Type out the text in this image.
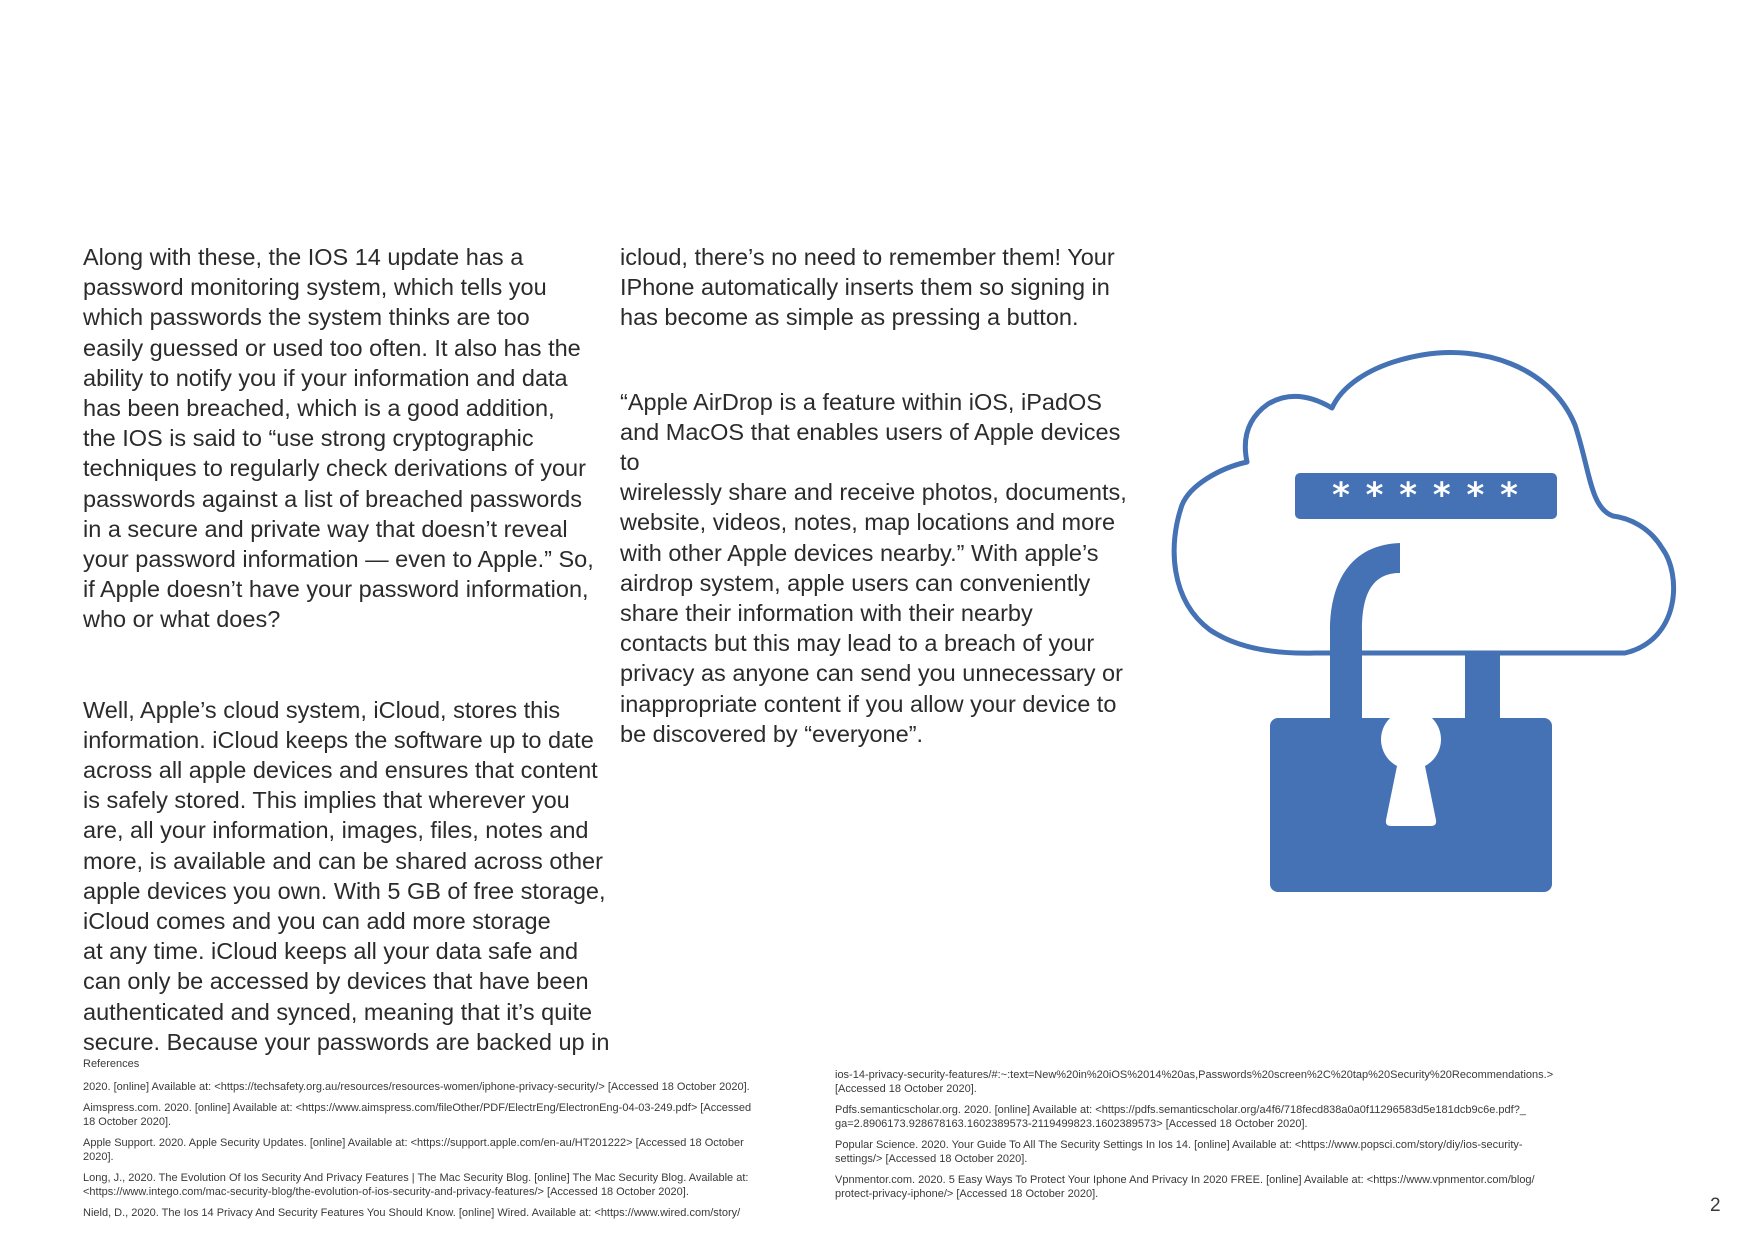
Along with these, the IOS 14 update has a
password monitoring system, which tells you
which passwords the system thinks are too
easily guessed or used too often. It also has the
ability to notify you if your information and data
has been breached, which is a good addition,
the IOS is said to “use strong cryptographic
techniques to regularly check derivations of your
passwords against a list of breached passwords
in a secure and private way that doesn’t reveal
your password information — even to Apple.” So,
if Apple doesn’t have your password information,
who or what does?

Well, Apple’s cloud system, iCloud, stores this
information. iCloud keeps the software up to date
across all apple devices and ensures that content
is safely stored. This implies that wherever you
are, all your information, images, files, notes and
more, is available and can be shared across other
apple devices you own. With 5 GB of free storage,
iCloud comes and you can add more storage
at any time. iCloud keeps all your data safe and
can only be accessed by devices that have been
authenticated and synced, meaning that it’s quite
secure. Because your passwords are backed up in

icloud, there’s no need to remember them! Your
IPhone automatically inserts them so signing in
has become as simple as pressing a button.

“Apple AirDrop is a feature within iOS, iPadOS
and MacOS that enables users of Apple devices to
wirelessly share and receive photos, documents,
website, videos, notes, map locations and more
with other Apple devices nearby.” With apple’s
airdrop system, apple users can conveniently
share their information with their nearby
contacts but this may lead to a breach of your
privacy as anyone can send you unnecessary or
inappropriate content if you allow your device to
be discovered by “everyone”.

* * * * * *
References
2020. [online] Available at: <https://techsafety.org.au/resources/resources-women/iphone-privacy-security/> [Accessed 18 October 2020].
Aimspress.com. 2020. [online] Available at: <https://www.aimspress.com/fileOther/PDF/ElectrEng/ElectronEng-04-03-249.pdf> [Accessed
18 October 2020].
Apple Support. 2020. Apple Security Updates. [online] Available at: <https://support.apple.com/en-au/HT201222> [Accessed 18 October
2020].
Long, J., 2020. The Evolution Of Ios Security And Privacy Features | The Mac Security Blog. [online] The Mac Security Blog. Available at:
<https://www.intego.com/mac-security-blog/the-evolution-of-ios-security-and-privacy-features/> [Accessed 18 October 2020].
Nield, D., 2020. The Ios 14 Privacy And Security Features You Should Know. [online] Wired. Available at: <https://www.wired.com/story/
ios-14-privacy-security-features/#:~:text=New%20in%20iOS%2014%20as,Passwords%20screen%2C%20tap%20Security%20Recommendations.>
[Accessed 18 October 2020].
Pdfs.semanticscholar.org. 2020. [online] Available at: <https://pdfs.semanticscholar.org/a4f6/718fecd838a0a0f11296583d5e181dcb9c6e.pdf?_
ga=2.8906173.928678163.1602389573-2119499823.1602389573> [Accessed 18 October 2020].
Popular Science. 2020. Your Guide To All The Security Settings In Ios 14. [online] Available at: <https://www.popsci.com/story/diy/ios-security-
settings/> [Accessed 18 October 2020].
Vpnmentor.com. 2020. 5 Easy Ways To Protect Your Iphone And Privacy In 2020 FREE. [online] Available at: <https://www.vpnmentor.com/blog/
protect-privacy-iphone/> [Accessed 18 October 2020].
2
